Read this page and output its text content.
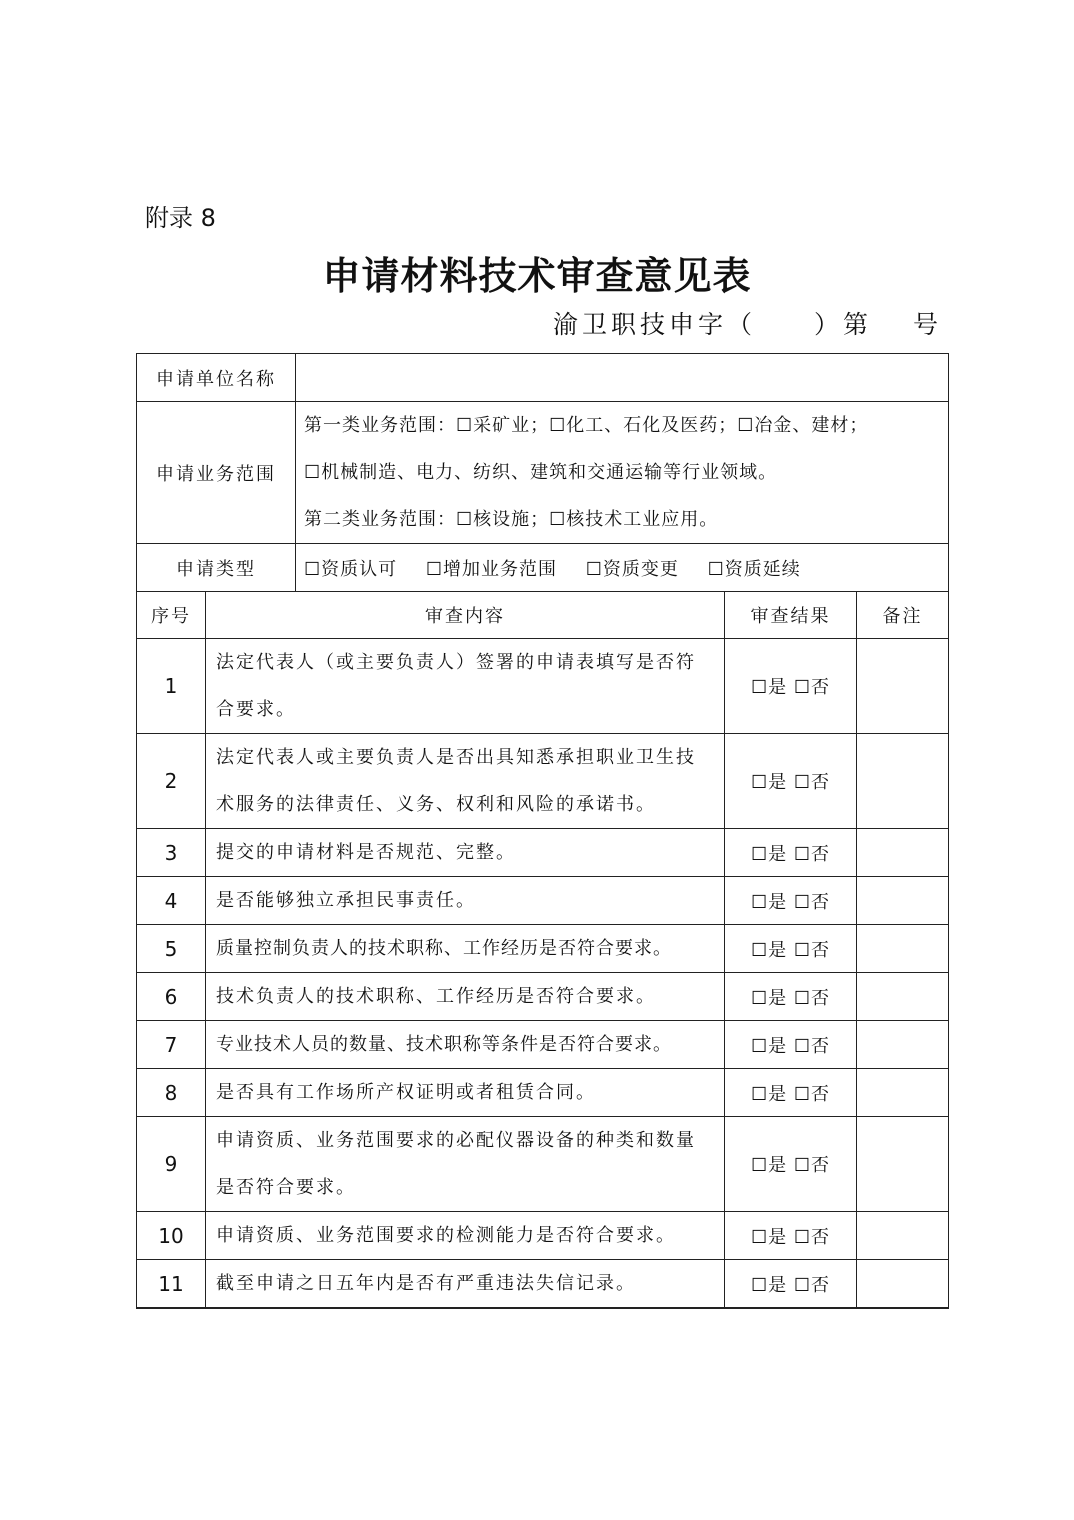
附录 8
申请材料技术审查意见表
渝卫职技申字（　　）第　 号
申请单位名称	
申请业务范围	第一类业务范围：☐采矿业；☐化工、石化及医药；☐冶金、建材；
☐机械制造、电力、纺织、建筑和交通运输等行业领域。
第二类业务范围：☐核设施；☐核技术工业应用。

申请类型	☐资质认可 ☐增加业务范围 ☐资质变更 ☐资质延续
序号	审查内容	审查结果	备注
1	法定代表人（或主要负责人）签署的申请表填写是否符合要求。	☐是 ☐否	
2	法定代表人或主要负责人是否出具知悉承担职业卫生技术服务的法律责任、义务、权利和风险的承诺书。	☐是 ☐否	
3	提交的申请材料是否规范、完整。	☐是 ☐否	
4	是否能够独立承担民事责任。	☐是 ☐否	
5	质量控制负责人的技术职称、工作经历是否符合要求。	☐是 ☐否	
6	技术负责人的技术职称、工作经历是否符合要求。	☐是 ☐否	
7	专业技术人员的数量、技术职称等条件是否符合要求。	☐是 ☐否	
8	是否具有工作场所产权证明或者租赁合同。	☐是 ☐否	
9	申请资质、业务范围要求的必配仪器设备的种类和数量是否符合要求。	☐是 ☐否	
10	申请资质、业务范围要求的检测能力是否符合要求。	☐是 ☐否	
11	截至申请之日五年内是否有严重违法失信记录。	☐是 ☐否	
